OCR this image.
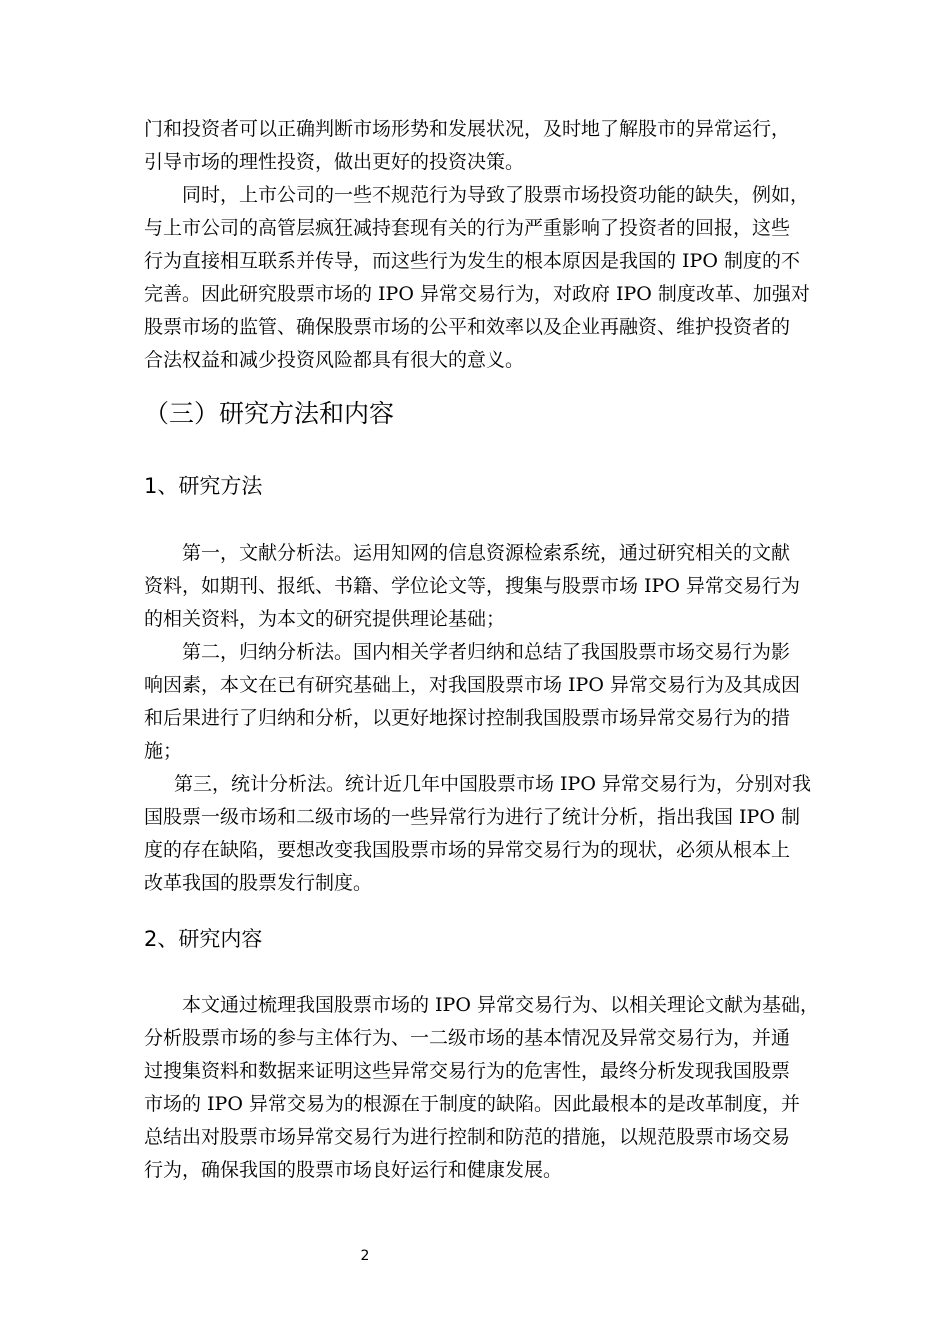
门和投资者可以正确判断市场形势和发展状况，及时地了解股市的异常运行，

引导市场的理性投资，做出更好的投资决策。

同时，上市公司的一些不规范行为导致了股票市场投资功能的缺失，例如，

与上市公司的高管层疯狂减持套现有关的行为严重影响了投资者的回报，这些

行为直接相互联系并传导，而这些行为发生的根本原因是我国的 IPO 制度的不

完善。因此研究股票市场的 IPO 异常交易行为，对政府 IPO 制度改革、加强对

股票市场的监管、确保股票市场的公平和效率以及企业再融资、维护投资者的

合法权益和减少投资风险都具有很大的意义。

（三）研究方法和内容
1、研究方法

第一，文献分析法。运用知网的信息资源检索系统，通过研究相关的文献

资料，如期刊、报纸、书籍、学位论文等，搜集与股票市场 IPO 异常交易行为

的相关资料，为本文的研究提供理论基础；

第二，归纳分析法。国内相关学者归纳和总结了我国股票市场交易行为影

响因素，本文在已有研究基础上，对我国股票市场 IPO 异常交易行为及其成因

和后果进行了归纳和分析，以更好地探讨控制我国股票市场异常交易行为的措

施；

第三，统计分析法。统计近几年中国股票市场 IPO 异常交易行为，分别对我

国股票一级市场和二级市场的一些异常行为进行了统计分析，指出我国 IPO 制

度的存在缺陷，要想改变我国股票市场的异常交易行为的现状，必须从根本上

改革我国的股票发行制度。

2、研究内容

本文通过梳理我国股票市场的 IPO 异常交易行为、以相关理论文献为基础，

分析股票市场的参与主体行为、一二级市场的基本情况及异常交易行为，并通

过搜集资料和数据来证明这些异常交易行为的危害性，最终分析发现我国股票

市场的 IPO 异常交易为的根源在于制度的缺陷。因此最根本的是改革制度，并

总结出对股票市场异常交易行为进行控制和防范的措施，以规范股票市场交易

行为，确保我国的股票市场良好运行和健康发展。

2
